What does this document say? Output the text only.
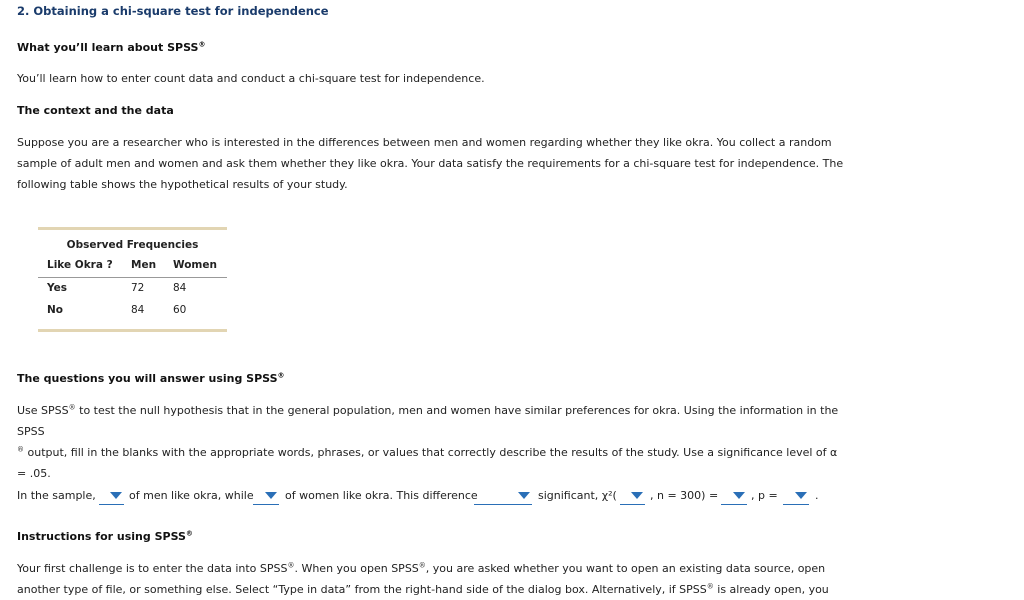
2. Obtaining a chi-square test for independence
What you’ll learn about SPSS®
You’ll learn how to enter count data and conduct a chi-square test for independence.
The context and the data
Suppose you are a researcher who is interested in the differences between men and women regarding whether they like okra. You collect a random
sample of adult men and women and ask them whether they like okra. Your data satisfy the requirements for a chi-square test for independence. The
following table shows the hypothetical results of your study.
Observed Frequencies
Like Okra ? Men Women
Yes	72	84
No	84	60
The questions you will answer using SPSS®
Use SPSS® to test the null hypothesis that in the general population, men and women have similar preferences for okra. Using the information in the SPSS
® output, fill in the blanks with the appropriate words, phrases, or values that correctly describe the results of the study. Use a significance level of α
= .05.
In the sample,	of men like okra, while	of women like okra. This difference	significant, χ²(	, n = 300) =	, p =	.
Instructions for using SPSS®
Your first challenge is to enter the data into SPSS®. When you open SPSS®, you are asked whether you want to open an existing data source, open
another type of file, or something else. Select “Type in data” from the right-hand side of the dialog box. Alternatively, if SPSS® is already open, you
